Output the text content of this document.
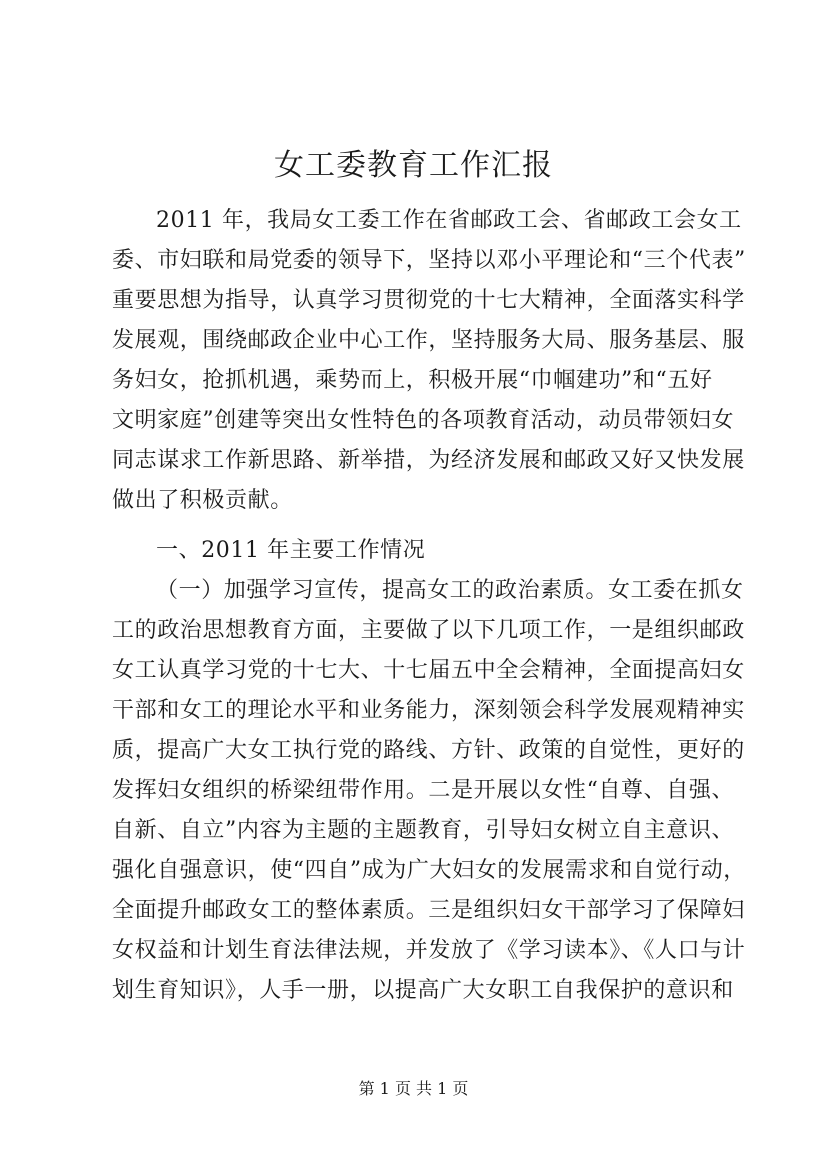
女工委教育工作汇报
2011 年，我局女工委工作在省邮政工会、省邮政工会女工
委、市妇联和局党委的领导下，坚持以邓小平理论和“三个代表”
重要思想为指导，认真学习贯彻党的十七大精神，全面落实科学
发展观，围绕邮政企业中心工作，坚持服务大局、服务基层、服
务妇女，抢抓机遇，乘势而上，积极开展“巾帼建功”和“五好
文明家庭”创建等突出女性特色的各项教育活动，动员带领妇女
同志谋求工作新思路、新举措，为经济发展和邮政又好又快发展
做出了积极贡献。
一、2011 年主要工作情况
（一）加强学习宣传，提高女工的政治素质。女工委在抓女
工的政治思想教育方面，主要做了以下几项工作，一是组织邮政
女工认真学习党的十七大、十七届五中全会精神，全面提高妇女
干部和女工的理论水平和业务能力，深刻领会科学发展观精神实
质，提高广大女工执行党的路线、方针、政策的自觉性，更好的
发挥妇女组织的桥梁纽带作用。二是开展以女性“自尊、自强、
自新、自立”内容为主题的主题教育，引导妇女树立自主意识、
强化自强意识，使“四自”成为广大妇女的发展需求和自觉行动，
全面提升邮政女工的整体素质。三是组织妇女干部学习了保障妇
女权益和计划生育法律法规，并发放了《学习读本》、《人口与计
划生育知识》，人手一册，以提高广大女职工自我保护的意识和
第 1 页 共 1 页
